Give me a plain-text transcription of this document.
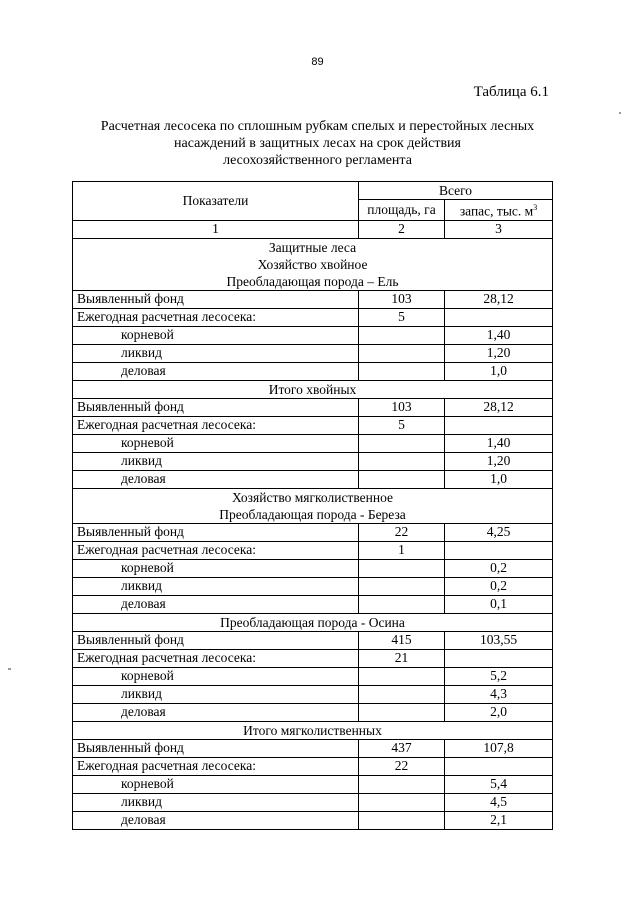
89
Таблица 6.1
Расчетная лесосека по сплошным рубкам спелых и перестойных лесных
насаждений в защитных лесах на срок действия
лесохозяйственного регламента
Показатели	Всего	
	площадь, га	запас, тыс. $м^3$
1	2	3

Защитные леса
Хозяйство хвойное
Преобладающая порода – Ель		

Выявленный фонд	103	28,12
Ежегодная расчетная лесосека:	5	
корневой		1,40
ликвид		1,20
деловая		1,0

Итого хвойных		

Выявленный фонд	103	28,12
Ежегодная расчетная лесосека:	5	
корневой		1,40
ликвид		1,20
деловая		1,0

Хозяйство мягколиственное
Преобладающая порода - Береза		

Выявленный фонд	22	4,25
Ежегодная расчетная лесосека:	1	
корневой		0,2
ликвид		0,2
деловая		0,1

Преобладающая порода - Осина		

Выявленный фонд	415	103,55
Ежегодная расчетная лесосека:	21	
корневой		5,2
ликвид		4,3
деловая		2,0

Итого мягколиственных		

Выявленный фонд	437	107,8
Ежегодная расчетная лесосека:	22	
корневой		5,4
ликвид		4,5
деловая		2,1
